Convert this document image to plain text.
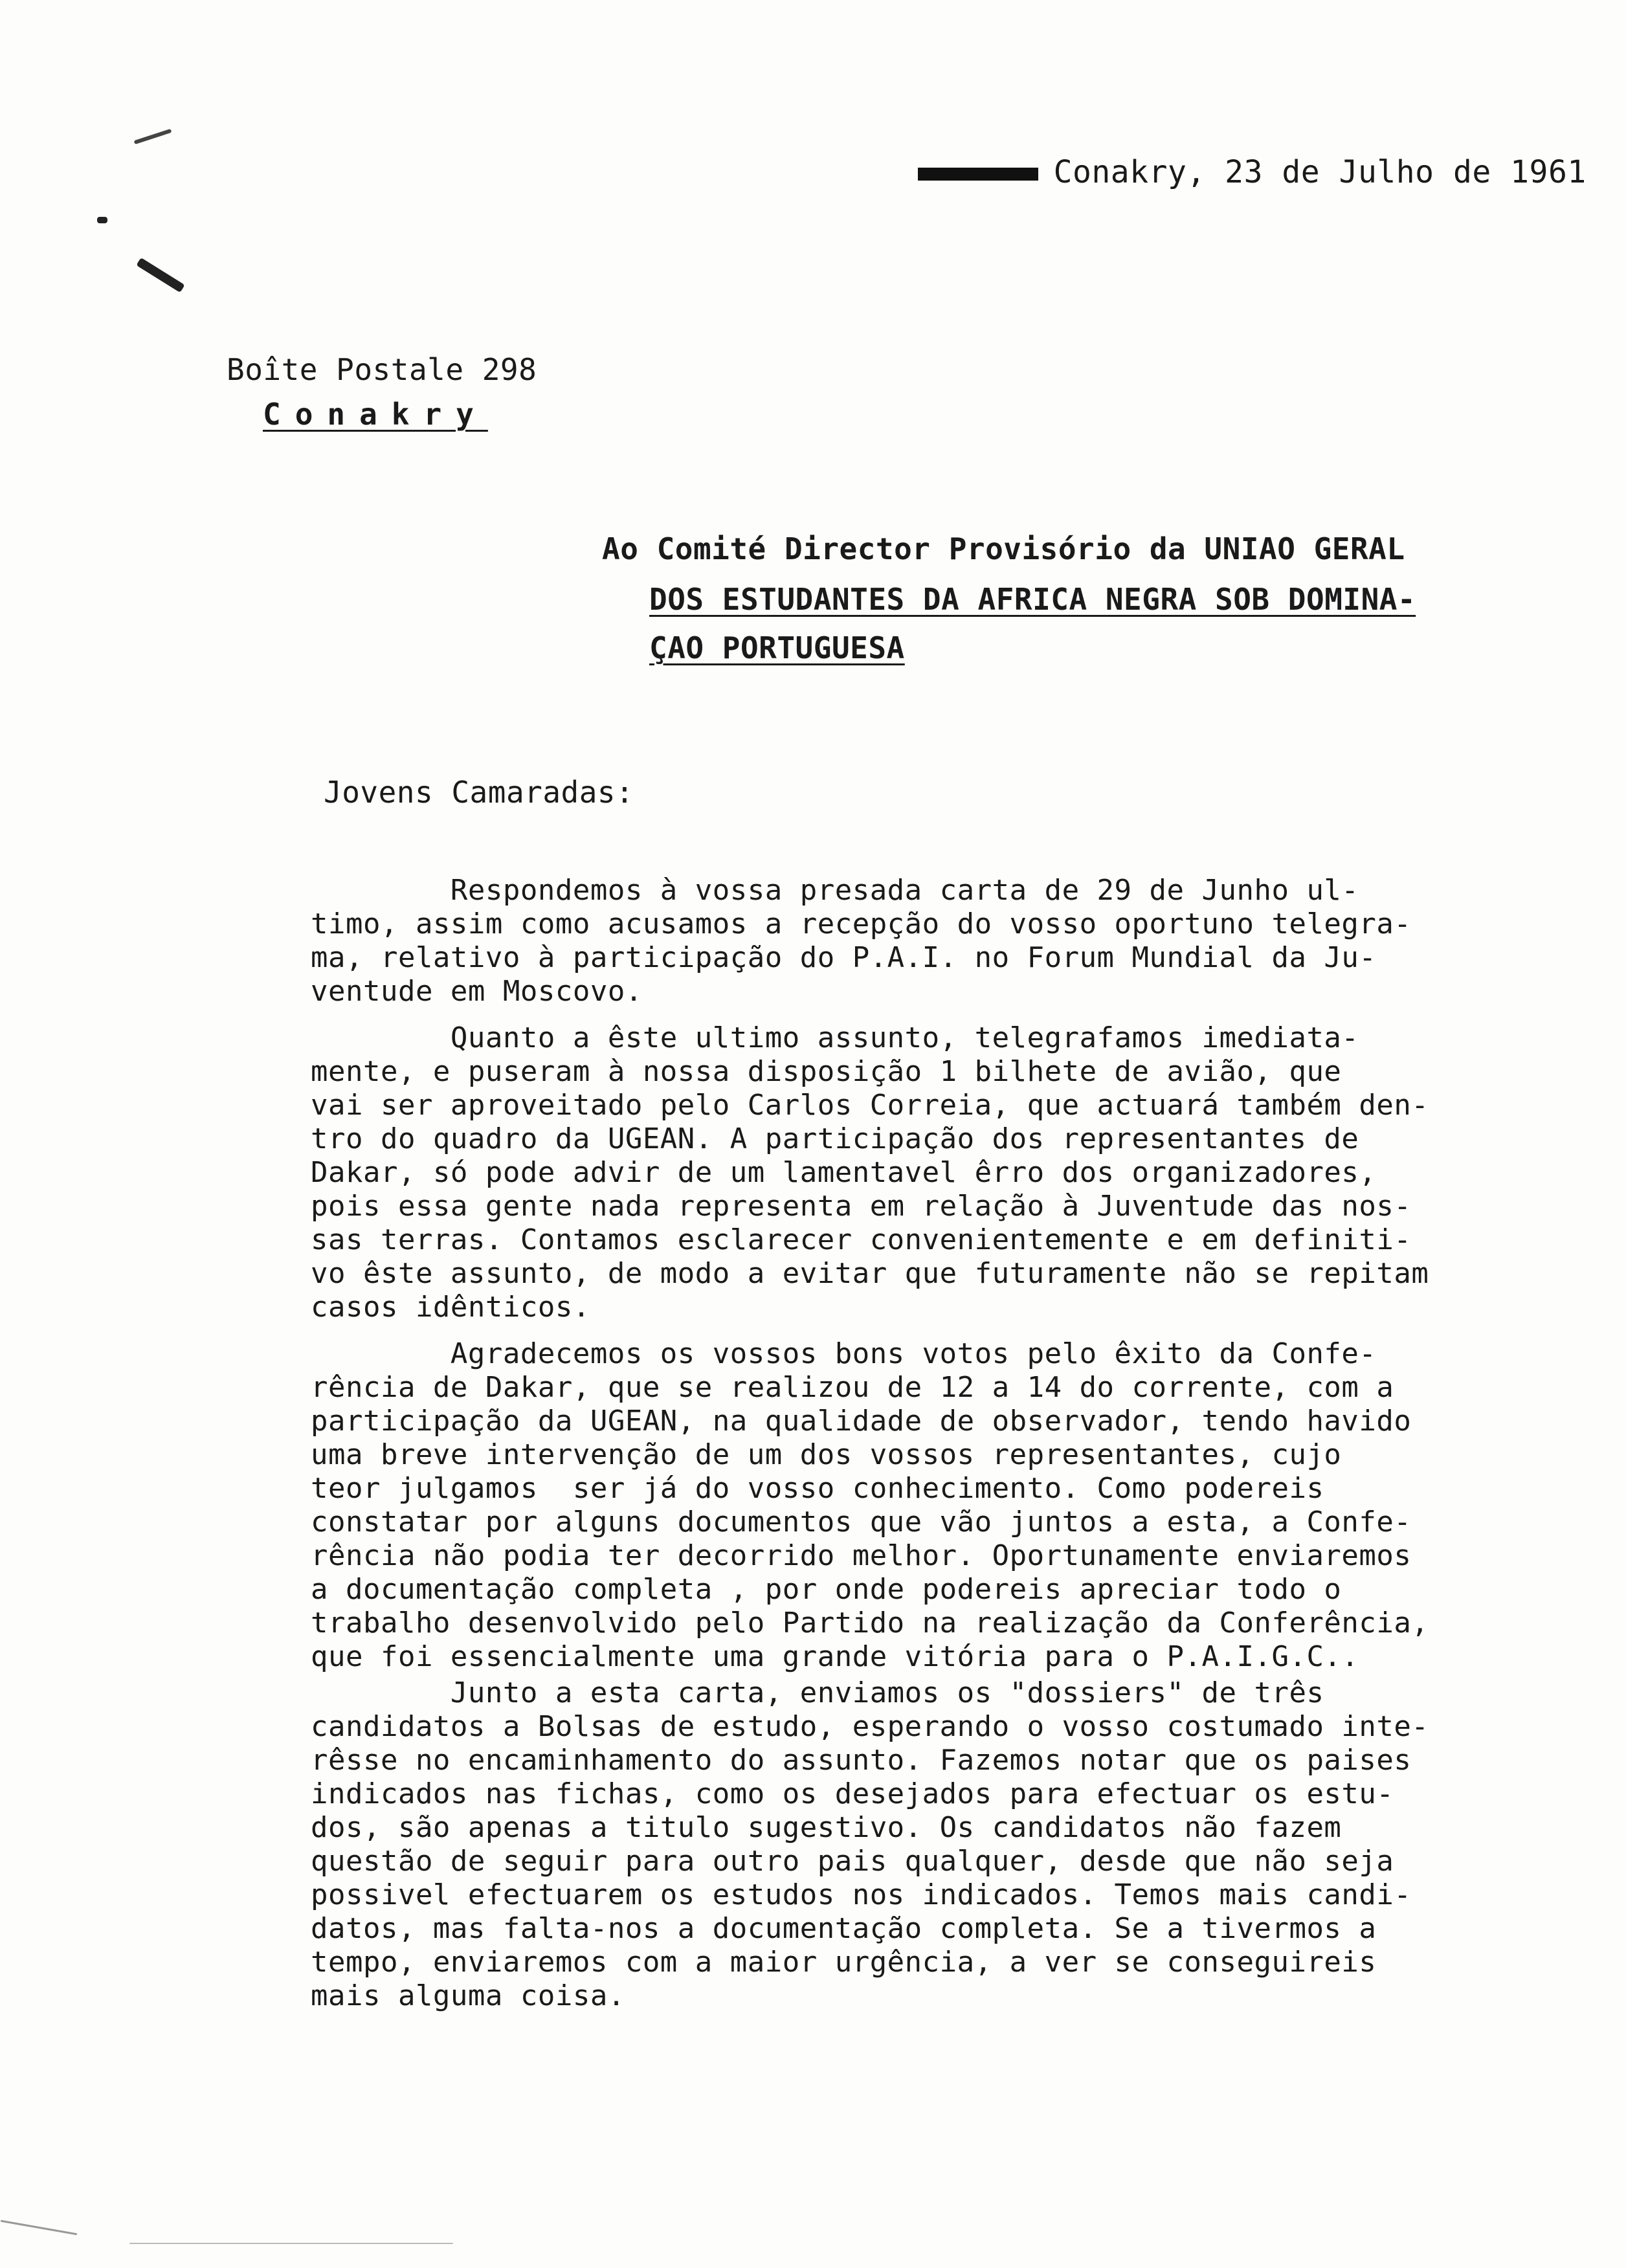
Conakry, 23 de Julho de 1961

Boîte Postale 298
Conakry
Ao Comité Director Provisório da UNIAO GERAL
DOS ESTUDANTES DA AFRICA NEGRA SOB DOMINA-
ÇAO PORTUGUESA
Jovens Camaradas:
Respondemos à vossa presada carta de 29 de Junho ul-
timo, assim como acusamos a recepção do vosso oportuno telegra-
ma, relativo à participação do P.A.I. no Forum Mundial da Ju-
ventude em Moscovo.
Quanto a êste ultimo assunto, telegrafamos imediata-
mente, e puseram à nossa disposição 1 bilhete de avião, que
vai ser aproveitado pelo Carlos Correia, que actuará também den-
tro do quadro da UGEAN. A participação dos representantes de
Dakar, só pode advir de um lamentavel êrro dos organizadores,
pois essa gente nada representa em relação à Juventude das nos-
sas terras. Contamos esclarecer convenientemente e em definiti-
vo êste assunto, de modo a evitar que futuramente não se repitam
casos idênticos.
Agradecemos os vossos bons votos pelo êxito da Confe-
rência de Dakar, que se realizou de 12 a 14 do corrente, com a
participação da UGEAN, na qualidade de observador, tendo havido
uma breve intervenção de um dos vossos representantes, cujo
teor julgamos  ser já do vosso conhecimento. Como podereis
constatar por alguns documentos que vão juntos a esta, a Confe-
rência não podia ter decorrido melhor. Oportunamente enviaremos
a documentação completa , por onde podereis apreciar todo o
trabalho desenvolvido pelo Partido na realização da Conferência,
que foi essencialmente uma grande vitória para o P.A.I.G.C..
Junto a esta carta, enviamos os "dossiers" de três
candidatos a Bolsas de estudo, esperando o vosso costumado inte-
rêsse no encaminhamento do assunto. Fazemos notar que os paises
indicados nas fichas, como os desejados para efectuar os estu-
dos, são apenas a titulo sugestivo. Os candidatos não fazem
questão de seguir para outro pais qualquer, desde que não seja
possivel efectuarem os estudos nos indicados. Temos mais candi-
datos, mas falta-nos a documentação completa. Se a tivermos a
tempo, enviaremos com a maior urgência, a ver se conseguireis
mais alguma coisa.
